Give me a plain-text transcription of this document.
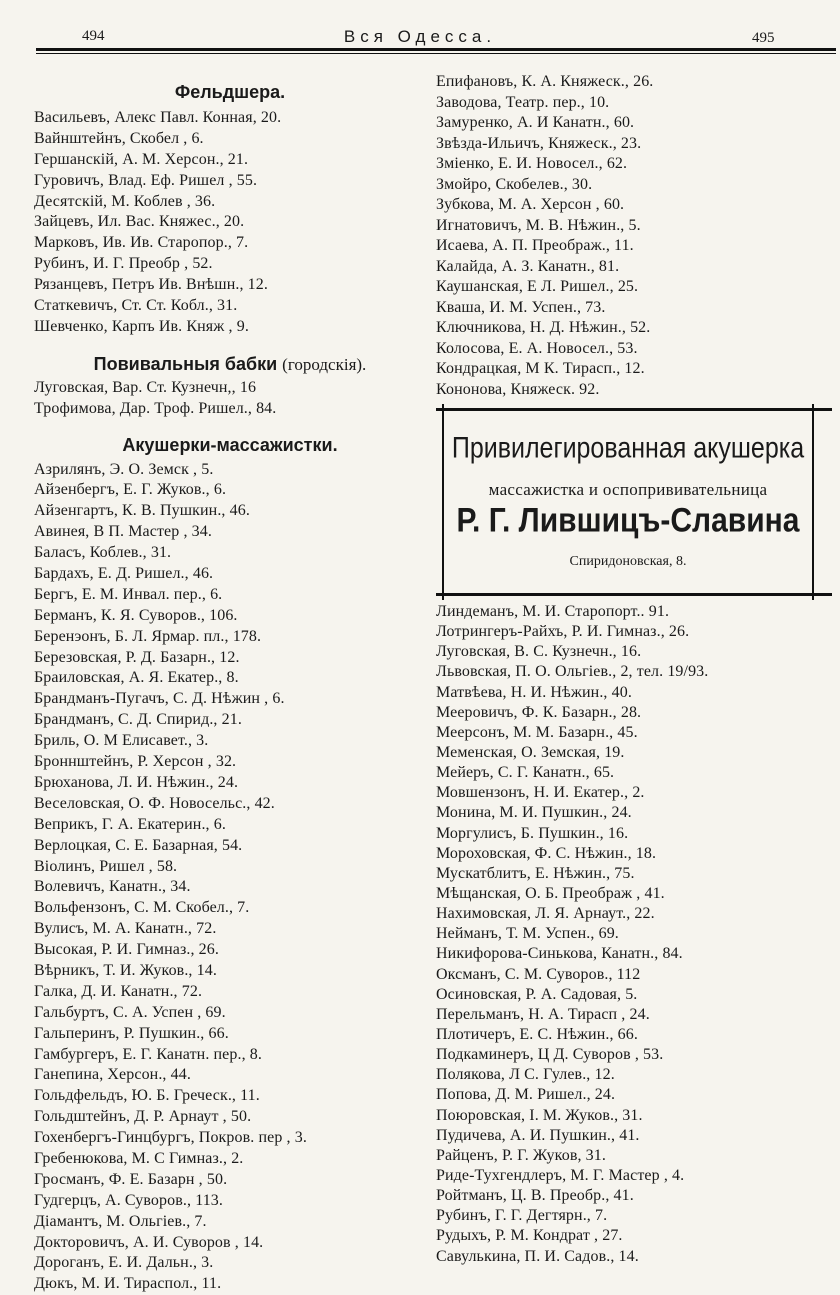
494	Вся Одесса.	495
Фельдшера.
Васильевъ, Алекс Павл. Конная, 20.
Вайнштейнъ, Скобел , 6.
Гершанскій, А. М. Херсон., 21.
Гуровичъ, Влад. Еф. Ришел , 55.
Десятскій, М. Коблев , 36.
Зайцевъ, Ил. Вас. Княжес., 20.
Марковъ, Ив. Ив. Старопор., 7.
Рубинъ, И. Г. Преобр , 52.
Рязанцевъ, Петръ Ив. Внѣшн., 12.
Статкевичъ, Ст. Ст. Кобл., 31.
Шевченко, Карпъ Ив. Княж , 9.
Повивальныя бабки (городскія).
Луговская, Вар. Ст. Кузнечн,, 16
Трофимова, Дар. Троф. Ришел., 84.
Акушерки-массажистки.
Азрилянъ, Э. О. Земск , 5.
Айзенбергъ, Е. Г. Жуков., 6.
Айзенгартъ, К. В. Пушкин., 46.
Авинея, В П. Мастер , 34.
Баласъ, Коблев., 31.
Бардахъ, Е. Д. Ришел., 46.
Бергъ, Е. М. Инвал. пер., 6.
Берманъ, К. Я. Суворов., 106.
Беренэонъ, Б. Л. Ярмар. пл., 178.
Березовская, Р. Д. Базарн., 12.
Браиловская, А. Я. Екатер., 8.
Брандманъ-Пугачъ, С. Д. Нѣжин , 6.
Брандманъ, С. Д. Спирид., 21.
Бриль, О. М Елисавет., 3.
Броннштейнъ, Р. Херсон , 32.
Брюханова, Л. И. Нѣжин., 24.
Веселовская, О. Ф. Новосельс., 42.
Веприкъ, Г. А. Екатерин., 6.
Верлоцкая, С. Е. Базарная, 54.
Віолинъ, Ришел , 58.
Волевичъ, Канатн., 34.
Вольфензонъ, С. М. Скобел., 7.
Вулисъ, М. А. Канатн., 72.
Высокая, Р. И. Гимназ., 26.
Вѣрникъ, Т. И. Жуков., 14.
Галка, Д. И. Канатн., 72.
Гальбуртъ, С. А. Успен , 69.
Гальперинъ, Р. Пушкин., 66.
Гамбургеръ, Е. Г. Канатн. пер., 8.
Ганепина, Херсон., 44.
Гольдфельдъ, Ю. Б. Греческ., 11.
Гольдштейнъ, Д. Р. Арнаут , 50.
Гохенбергъ-Гинцбургъ, Покров. пер , 3.
Гребенюкова, М. С Гимназ., 2.
Гросманъ, Ф. Е. Базарн , 50.
Гудгерцъ, А. Суворов., 113.
Діамантъ, М. Ольгіев., 7.
Докторовичъ, А. И. Суворов , 14.
Дороганъ, Е. И. Дальн., 3.
Дюкъ, М. И. Тираспол., 11.
Епифановъ, К. А. Княжеск., 26.
Заводова, Театр. пер., 10.
Замуренко, А. И Канатн., 60.
Звѣзда-Ильичъ, Княжеск., 23.
Зміенко, Е. И. Новосел., 62.
Змойро, Скобелев., 30.
Зубкова, М. А. Херсон , 60.
Игнатовичъ, М. В. Нѣжин., 5.
Исаева, А. П. Преображ., 11.
Калайда, А. З. Канатн., 81.
Каушанская, Е Л. Ришел., 25.
Кваша, И. М. Успен., 73.
Ключникова, Н. Д. Нѣжин., 52.
Колосова, Е. А. Новосел., 53.
Кондрацкая, М К. Тирасп., 12.
Кононова, Княжеск. 92.
Привилегированная акушерка
массажистка и оспопрививательница
Р. Г. Лившицъ-Славина
Спиридоновская, 8.
Линдеманъ, М. И. Старопорт.. 91.
Лотрингеръ-Райхъ, Р. И. Гимназ., 26.
Луговская, В. С. Кузнечн., 16.
Львовская, П. О. Ольгіев., 2, тел. 19/93.
Матвѣева, Н. И. Нѣжин., 40.
Мееровичъ, Ф. К. Базарн., 28.
Меерсонъ, М. М. Базарн., 45.
Меменская, О. Земская, 19.
Мейеръ, С. Г. Канатн., 65.
Мовшензонъ, Н. И. Екатер., 2.
Монина, М. И. Пушкин., 24.
Моргулисъ, Б. Пушкин., 16.
Мороховская, Ф. С. Нѣжин., 18.
Мускатблитъ, Е. Нѣжин., 75.
Мѣщанская, О. Б. Преображ , 41.
Нахимовская, Л. Я. Арнаут., 22.
Нейманъ, Т. М. Успен., 69.
Никифорова-Синькова, Канатн., 84.
Оксманъ, С. М. Суворов., 112
Осиновская, Р. А. Садовая, 5.
Перельманъ, Н. А. Тирасп , 24.
Плотичеръ, Е. С. Нѣжин., 66.
Подкаминеръ, Ц Д. Суворов , 53.
Полякова, Л С. Гулев., 12.
Попова, Д. М. Ришел., 24.
Поюровская, I. М. Жуков., 31.
Пудичева, А. И. Пушкин., 41.
Райценъ, Р. Г. Жуков, 31.
Риде-Тухгендлеръ, М. Г. Мастер , 4.
Ройтманъ, Ц. В. Преобр., 41.
Рубинъ, Г. Г. Дегтярн., 7.
Рудыхъ, Р. М. Кондрат , 27.
Савулькина, П. И. Садов., 14.
